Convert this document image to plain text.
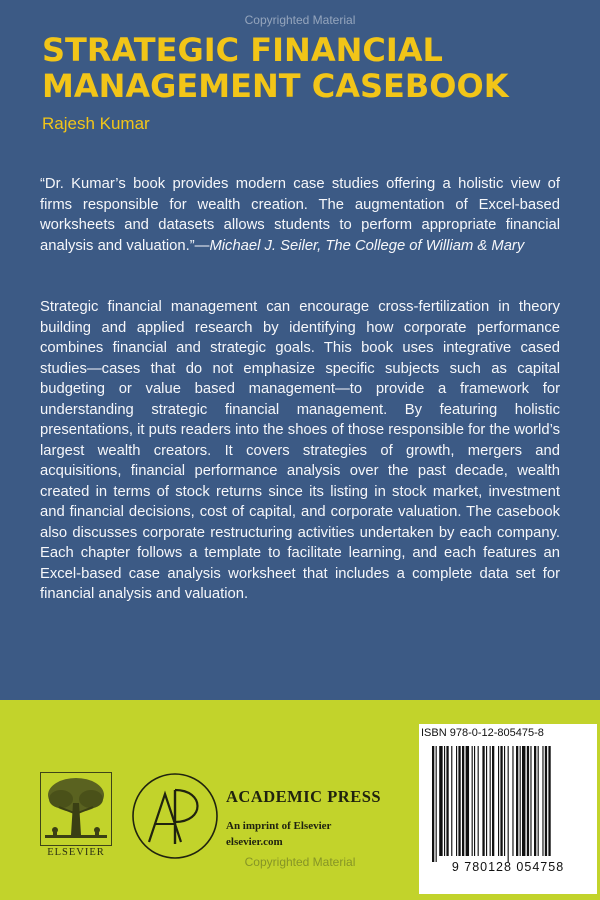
Copyrighted Material
STRATEGIC FINANCIAL MANAGEMENT CASEBOOK
Rajesh Kumar

“Dr. Kumar’s book provides modern case studies offering a holistic view of firms responsible for wealth creation. The augmentation of Excel-based worksheets and datasets allows students to perform appropriate financial analysis and valuation.”—Michael J. Seiler, The College of William & Mary

Strategic financial management can encourage cross-fertilization in theory building and applied research by identifying how corporate performance combines financial and strategic goals. This book uses integrative cased studies—cases that do not emphasize specific subjects such as capital budgeting or value based management—to provide a framework for understanding strategic financial management. By featuring holistic presentations, it puts readers into the shoes of those responsible for the world’s largest wealth creators. It covers strategies of growth, mergers and acquisitions, financial performance analysis over the past decade, wealth created in terms of stock returns since its listing in stock market, investment and financial decisions, cost of capital, and corporate valuation. The casebook also discusses corporate restructuring activities undertaken by each company. Each chapter follows a template to facilitate learning, and each features an Excel-based case analysis worksheet that includes a complete data set for financial analysis and valuation.

ELSEVIER
ACADEMIC PRESS
An imprint of Elsevier
elsevier.com
ISBN 978-0-12-805475-8
9 780128 054758
Copyrighted Material
